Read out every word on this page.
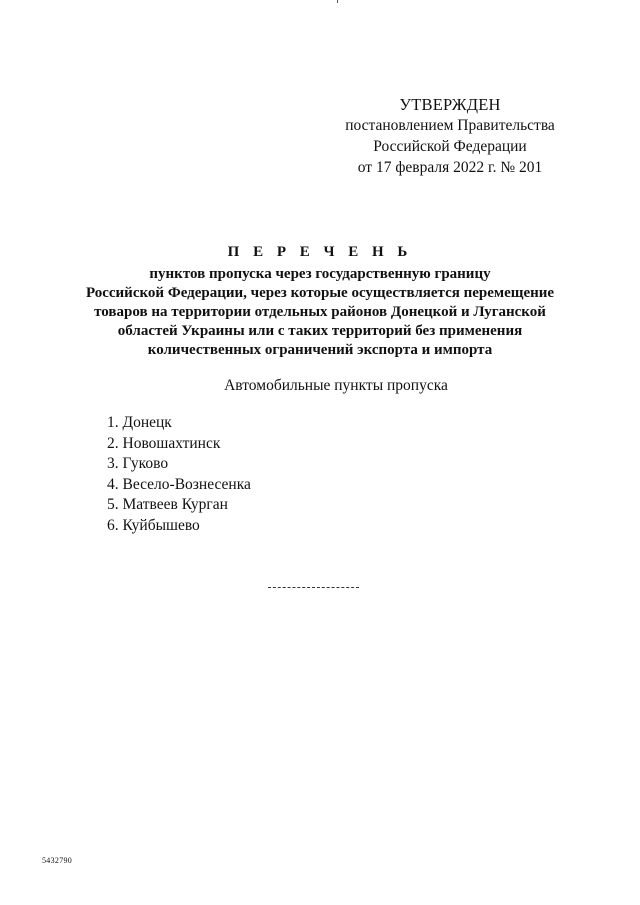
УТВЕРЖДЕН
постановлением Правительства
Российской Федерации
от 17 февраля 2022 г. № 201
П Е Р Е Ч Е Н Ь
пунктов пропуска через государственную границу
Российской Федерации, через которые осуществляется перемещение
товаров на территории отдельных районов Донецкой и Луганской
областей Украины или с таких территорий без применения
количественных ограничений экспорта и импорта
Автомобильные пункты пропуска
1. Донецк
2. Новошахтинск
3. Гуково
4. Весело-Вознесенка
5. Матвеев Курган
6. Куйбышево
5432790
